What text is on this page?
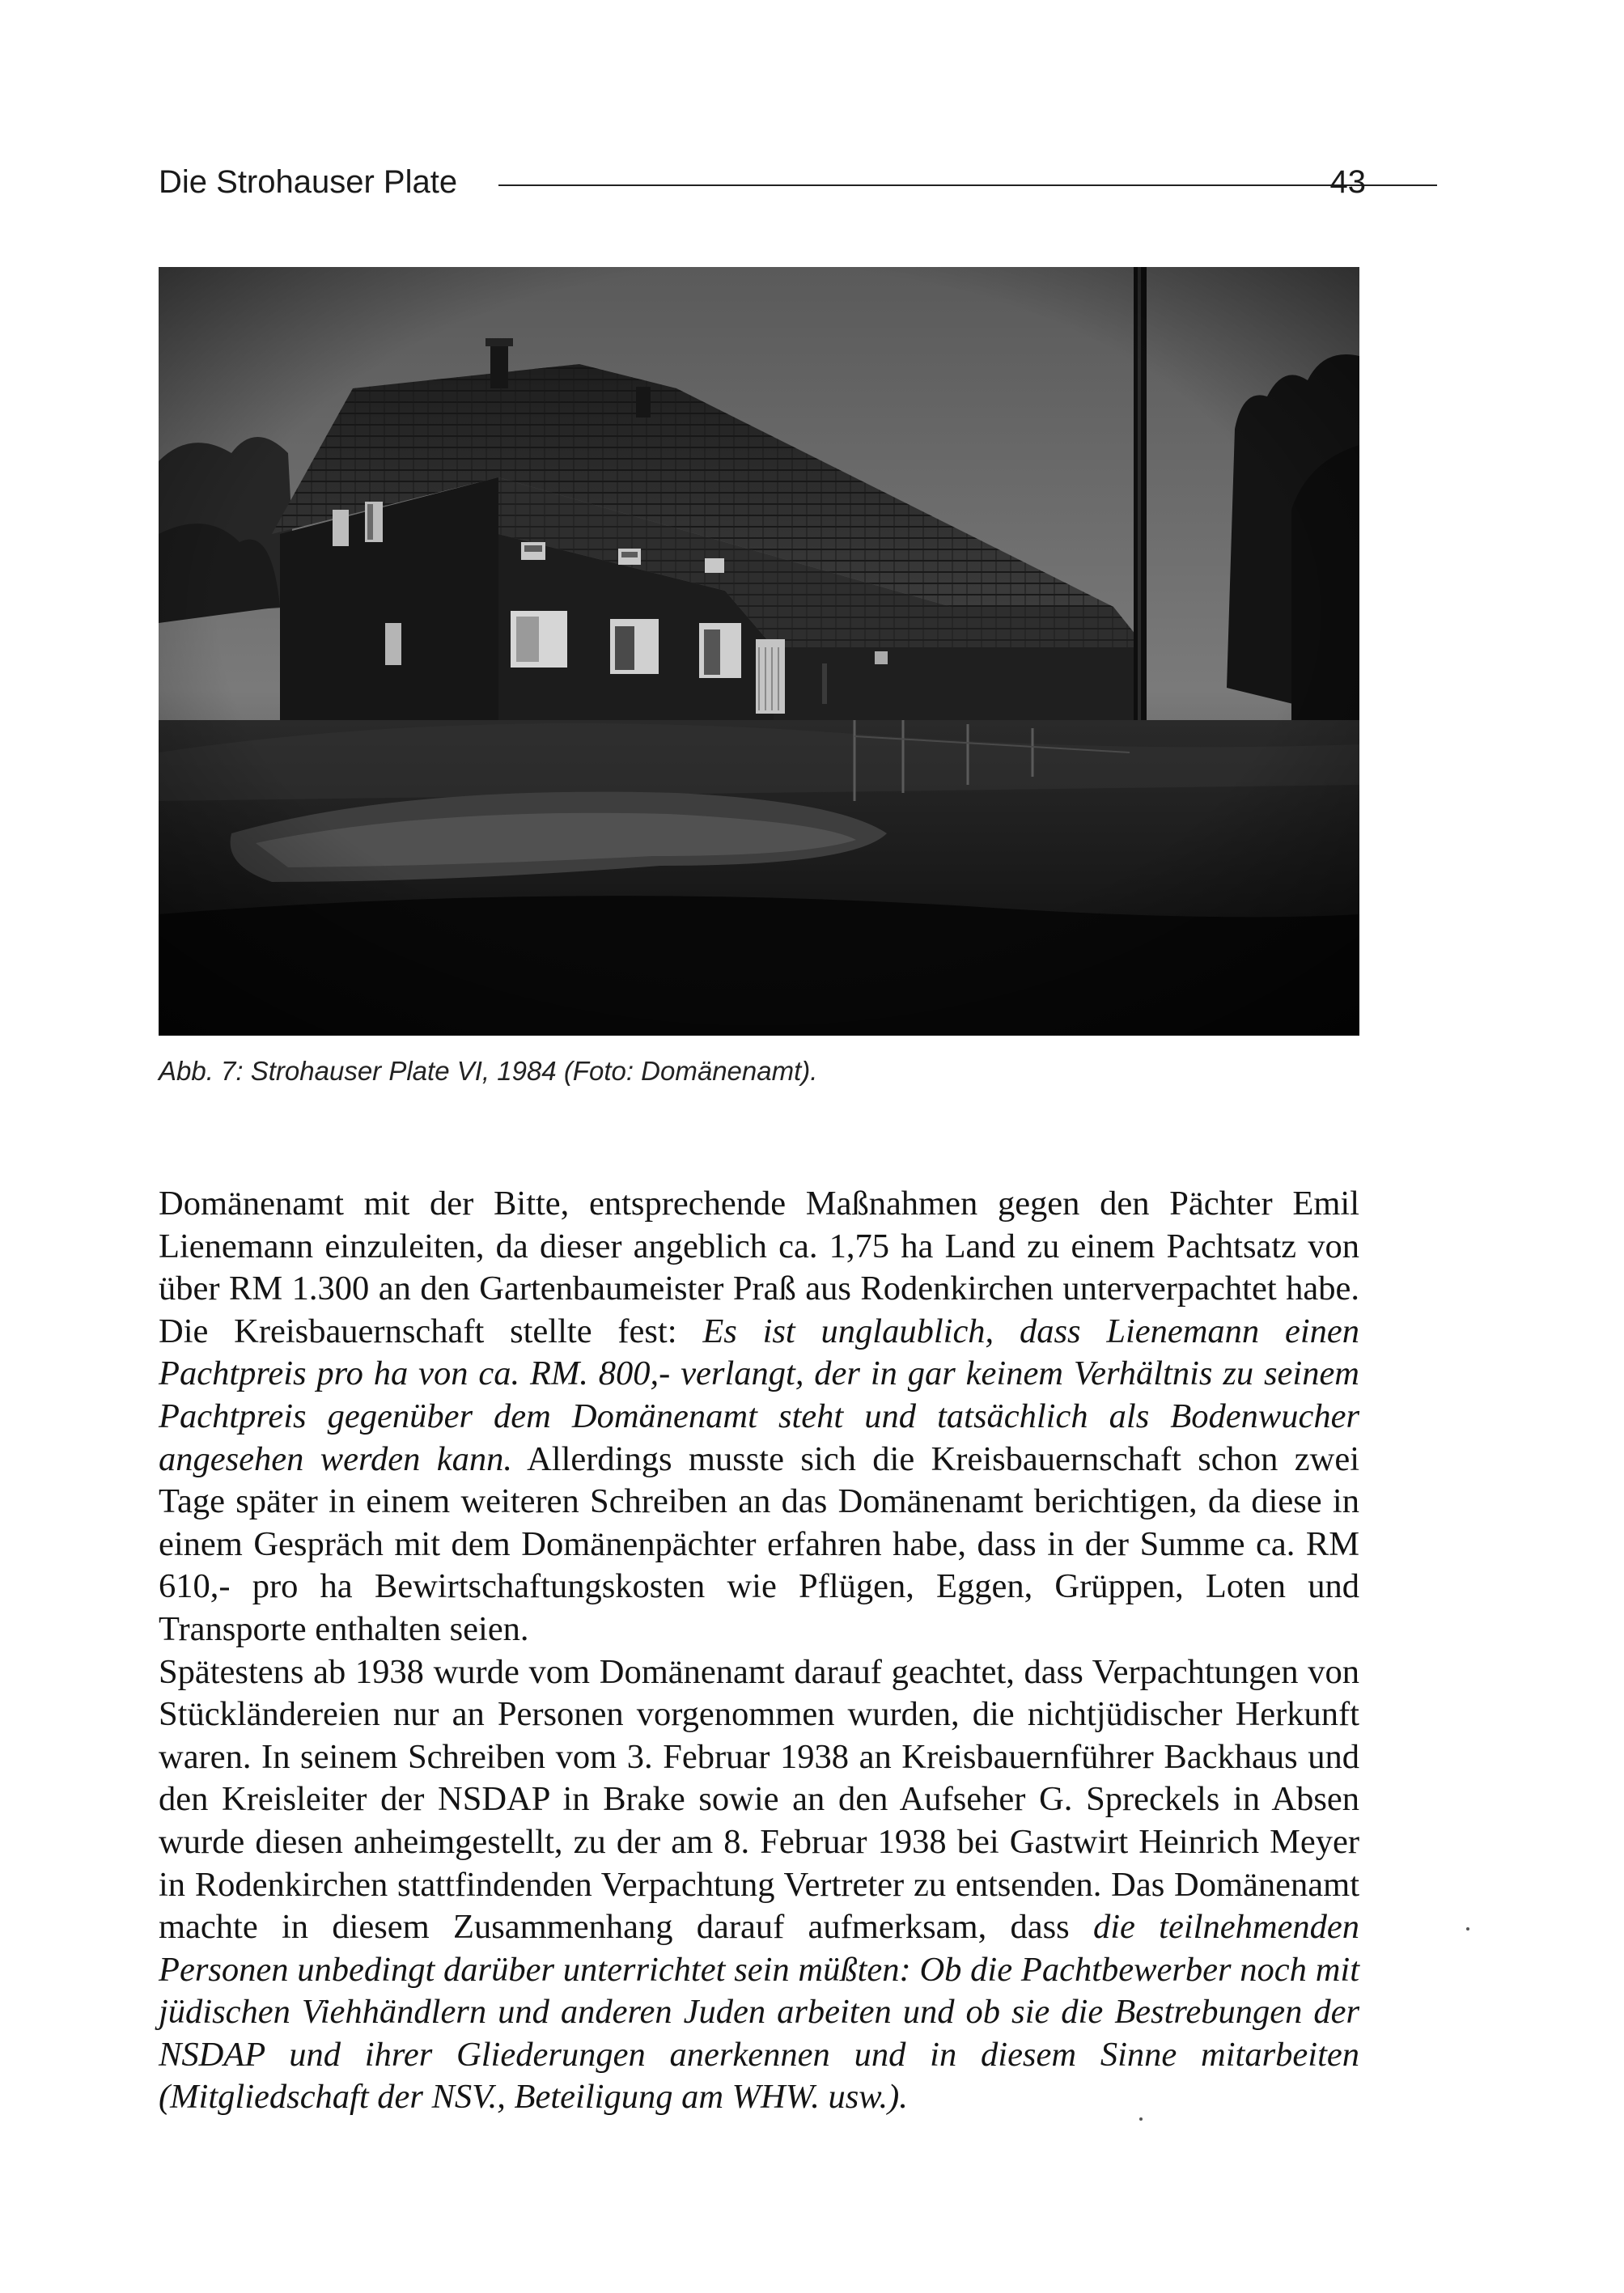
Die Strohauser Plate	43
Abb. 7: Strohauser Plate VI, 1984 (Foto: Domänenamt).

Domänenamt mit der Bitte, entsprechende Maßnahmen gegen den Pächter Emil Lienemann einzuleiten, da dieser angeblich ca. 1,75 ha Land zu einem Pachtsatz von über RM 1.300 an den Gartenbaumeister Praß aus Rodenkirchen unterverpachtet habe. Die Kreisbauernschaft stellte fest: Es ist unglaublich, dass Lienemann einen Pachtpreis pro ha von ca. RM. 800,- verlangt, der in gar keinem Verhältnis zu seinem Pachtpreis gegenüber dem Domänenamt steht und tatsächlich als Bodenwucher angesehen werden kann. Allerdings musste sich die Kreisbauernschaft schon zwei Tage später in einem weiteren Schreiben an das Domänenamt berichtigen, da diese in einem Gespräch mit dem Domänenpächter erfahren habe, dass in der Summe ca. RM 610,- pro ha Bewirtschaftungskosten wie Pflügen, Eggen, Grüppen, Loten und Transporte enthalten seien.

Spätestens ab 1938 wurde vom Domänenamt darauf geachtet, dass Verpachtungen von Stückländereien nur an Personen vorgenommen wurden, die nichtjüdischer Herkunft waren. In seinem Schreiben vom 3. Februar 1938 an Kreisbauernführer Backhaus und den Kreisleiter der NSDAP in Brake sowie an den Aufseher G. Spreckels in Absen wurde diesen anheimgestellt, zu der am 8. Februar 1938 bei Gastwirt Heinrich Meyer in Rodenkirchen stattfindenden Verpachtung Vertreter zu entsenden. Das Domänenamt machte in diesem Zusammenhang darauf aufmerksam, dass die teilnehmenden Personen unbedingt darüber unterrichtet sein müßten: Ob die Pachtbewerber noch mit jüdischen Viehhändlern und anderen Juden arbeiten und ob sie die Bestrebungen der NSDAP und ihrer Gliederungen anerkennen und in diesem Sinne mitarbeiten (Mitgliedschaft der NSV., Beteiligung am WHW. usw.).
